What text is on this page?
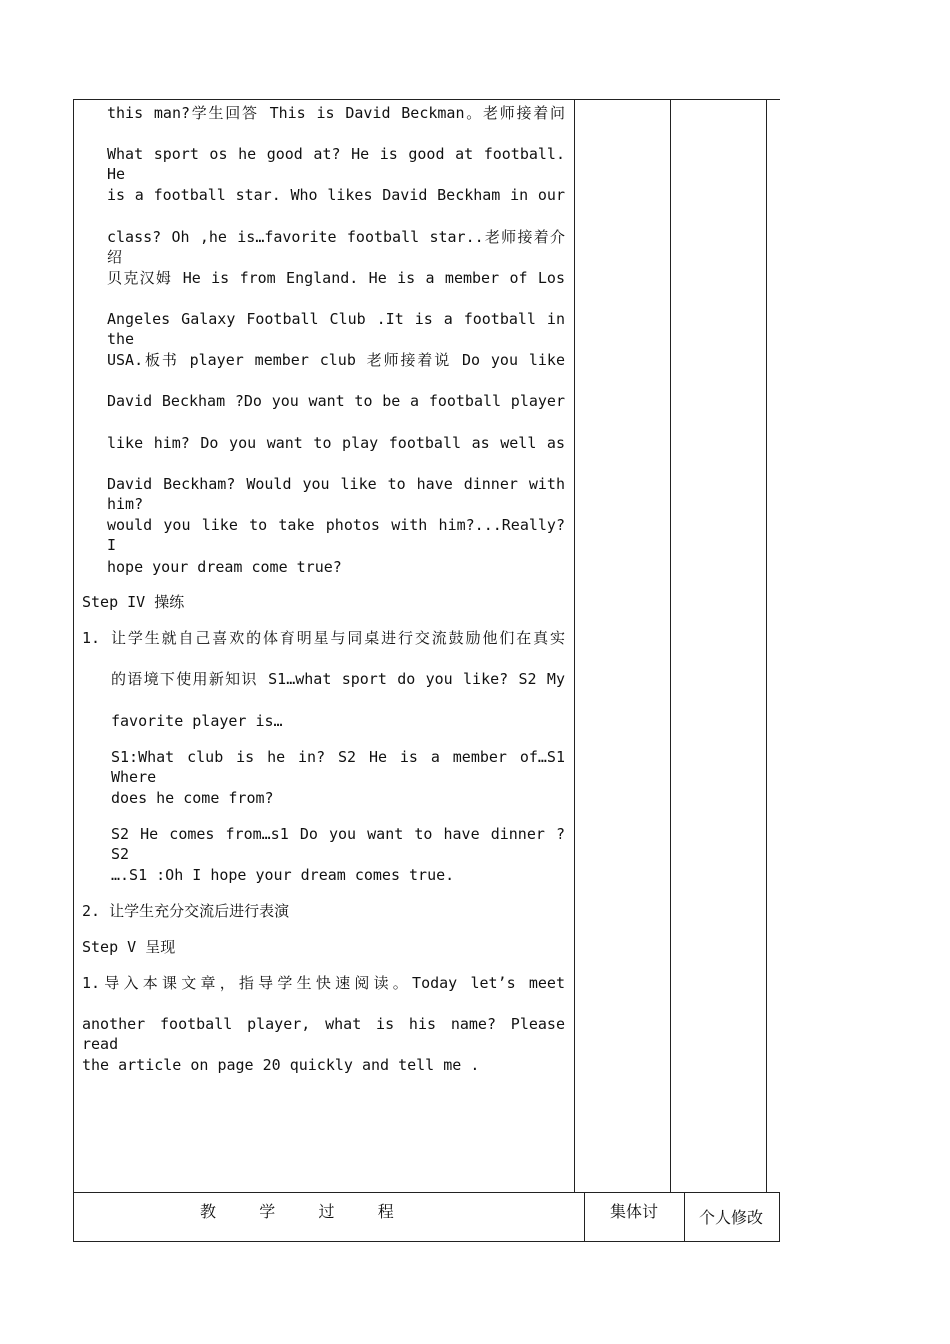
this man?学生回答 This is David Beckman。老师接着问
What sport os he good at? He is good at football. He
is a football star. Who likes David Beckham in our
class? Oh ,he is…favorite football star..老师接着介绍
贝克汉姆 He is from England. He is a member of Los
Angeles Galaxy Football Club .It is a football in the
USA.板书 player member club 老师接着说 Do you like
David Beckham ?Do you want to be a football player
like him? Do you want to play football as well as
David Beckham? Would you like to have dinner with him?
would you like to take photos with him?...Really? I
hope your dream come true?
Step IV 操练
1. 让学生就自己喜欢的体育明星与同桌进行交流鼓励他们在真实
的语境下使用新知识 S1…what sport do you like? S2 My
favorite player is…
S1:What club is he in? S2 He is a member of…S1 Where
does he come from?
S2 He comes from…s1 Do you want to have dinner ? S2
….S1 :Oh I hope your dream comes true.
2. 让学生充分交流后进行表演
Step V 呈现
1.导入本课文章，指导学生快速阅读。Today let’s meet
another football player, what is his name? Please read
the article on page 20 quickly and tell me .
教  学  过  程	集体讨	个人修改
